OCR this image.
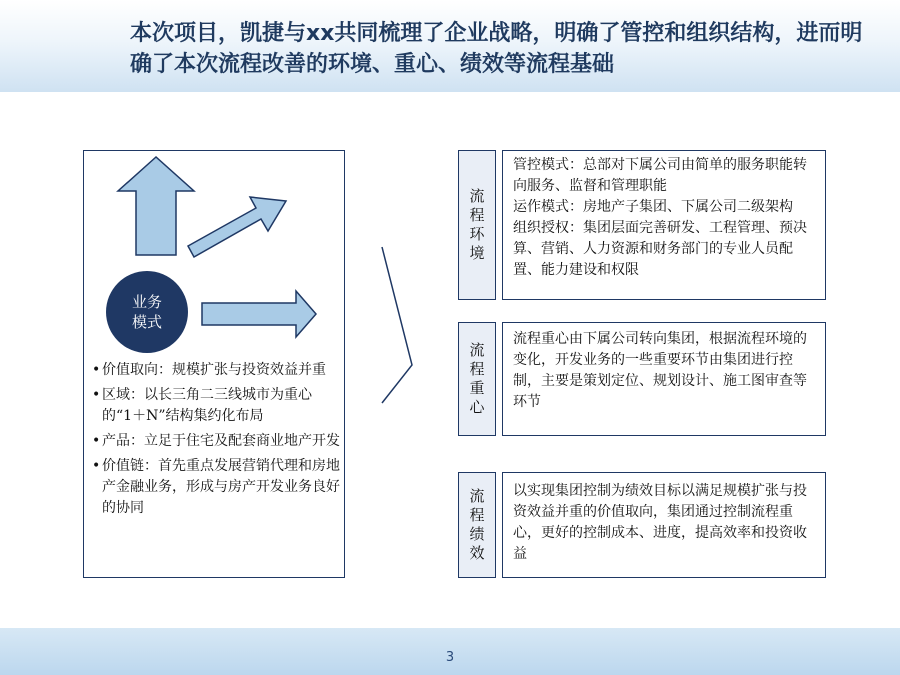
本次项目，凯捷与xx共同梳理了企业战略，明确了管控和组织结构，进而明确了本次流程改善的环境、重心、绩效等流程基础
业务模式
• 价值取向：规模扩张与投资效益并重
• 区域：以长三角二三线城市为重心的“1＋N”结构集约化布局
• 产品：立足于住宅及配套商业地产开发
• 价值链：首先重点发展营销代理和房地产金融业务，形成与房产开发业务良好的协同
流程环境

管控模式：总部对下属公司由简单的服务职能转向服务、监督和管理职能

运作模式：房地产子集团、下属公司二级架构

组织授权：集团层面完善研发、工程管理、预决算、营销、人力资源和财务部门的专业人员配置、能力建设和权限

流程重心

流程重心由下属公司转向集团，根据流程环境的变化，开发业务的一些重要环节由集团进行控制，主要是策划定位、规划设计、施工图审查等环节

流程绩效

以实现集团控制为绩效目标以满足规模扩张与投资效益并重的价值取向，集团通过控制流程重心，更好的控制成本、进度，提高效率和投资收益

3
